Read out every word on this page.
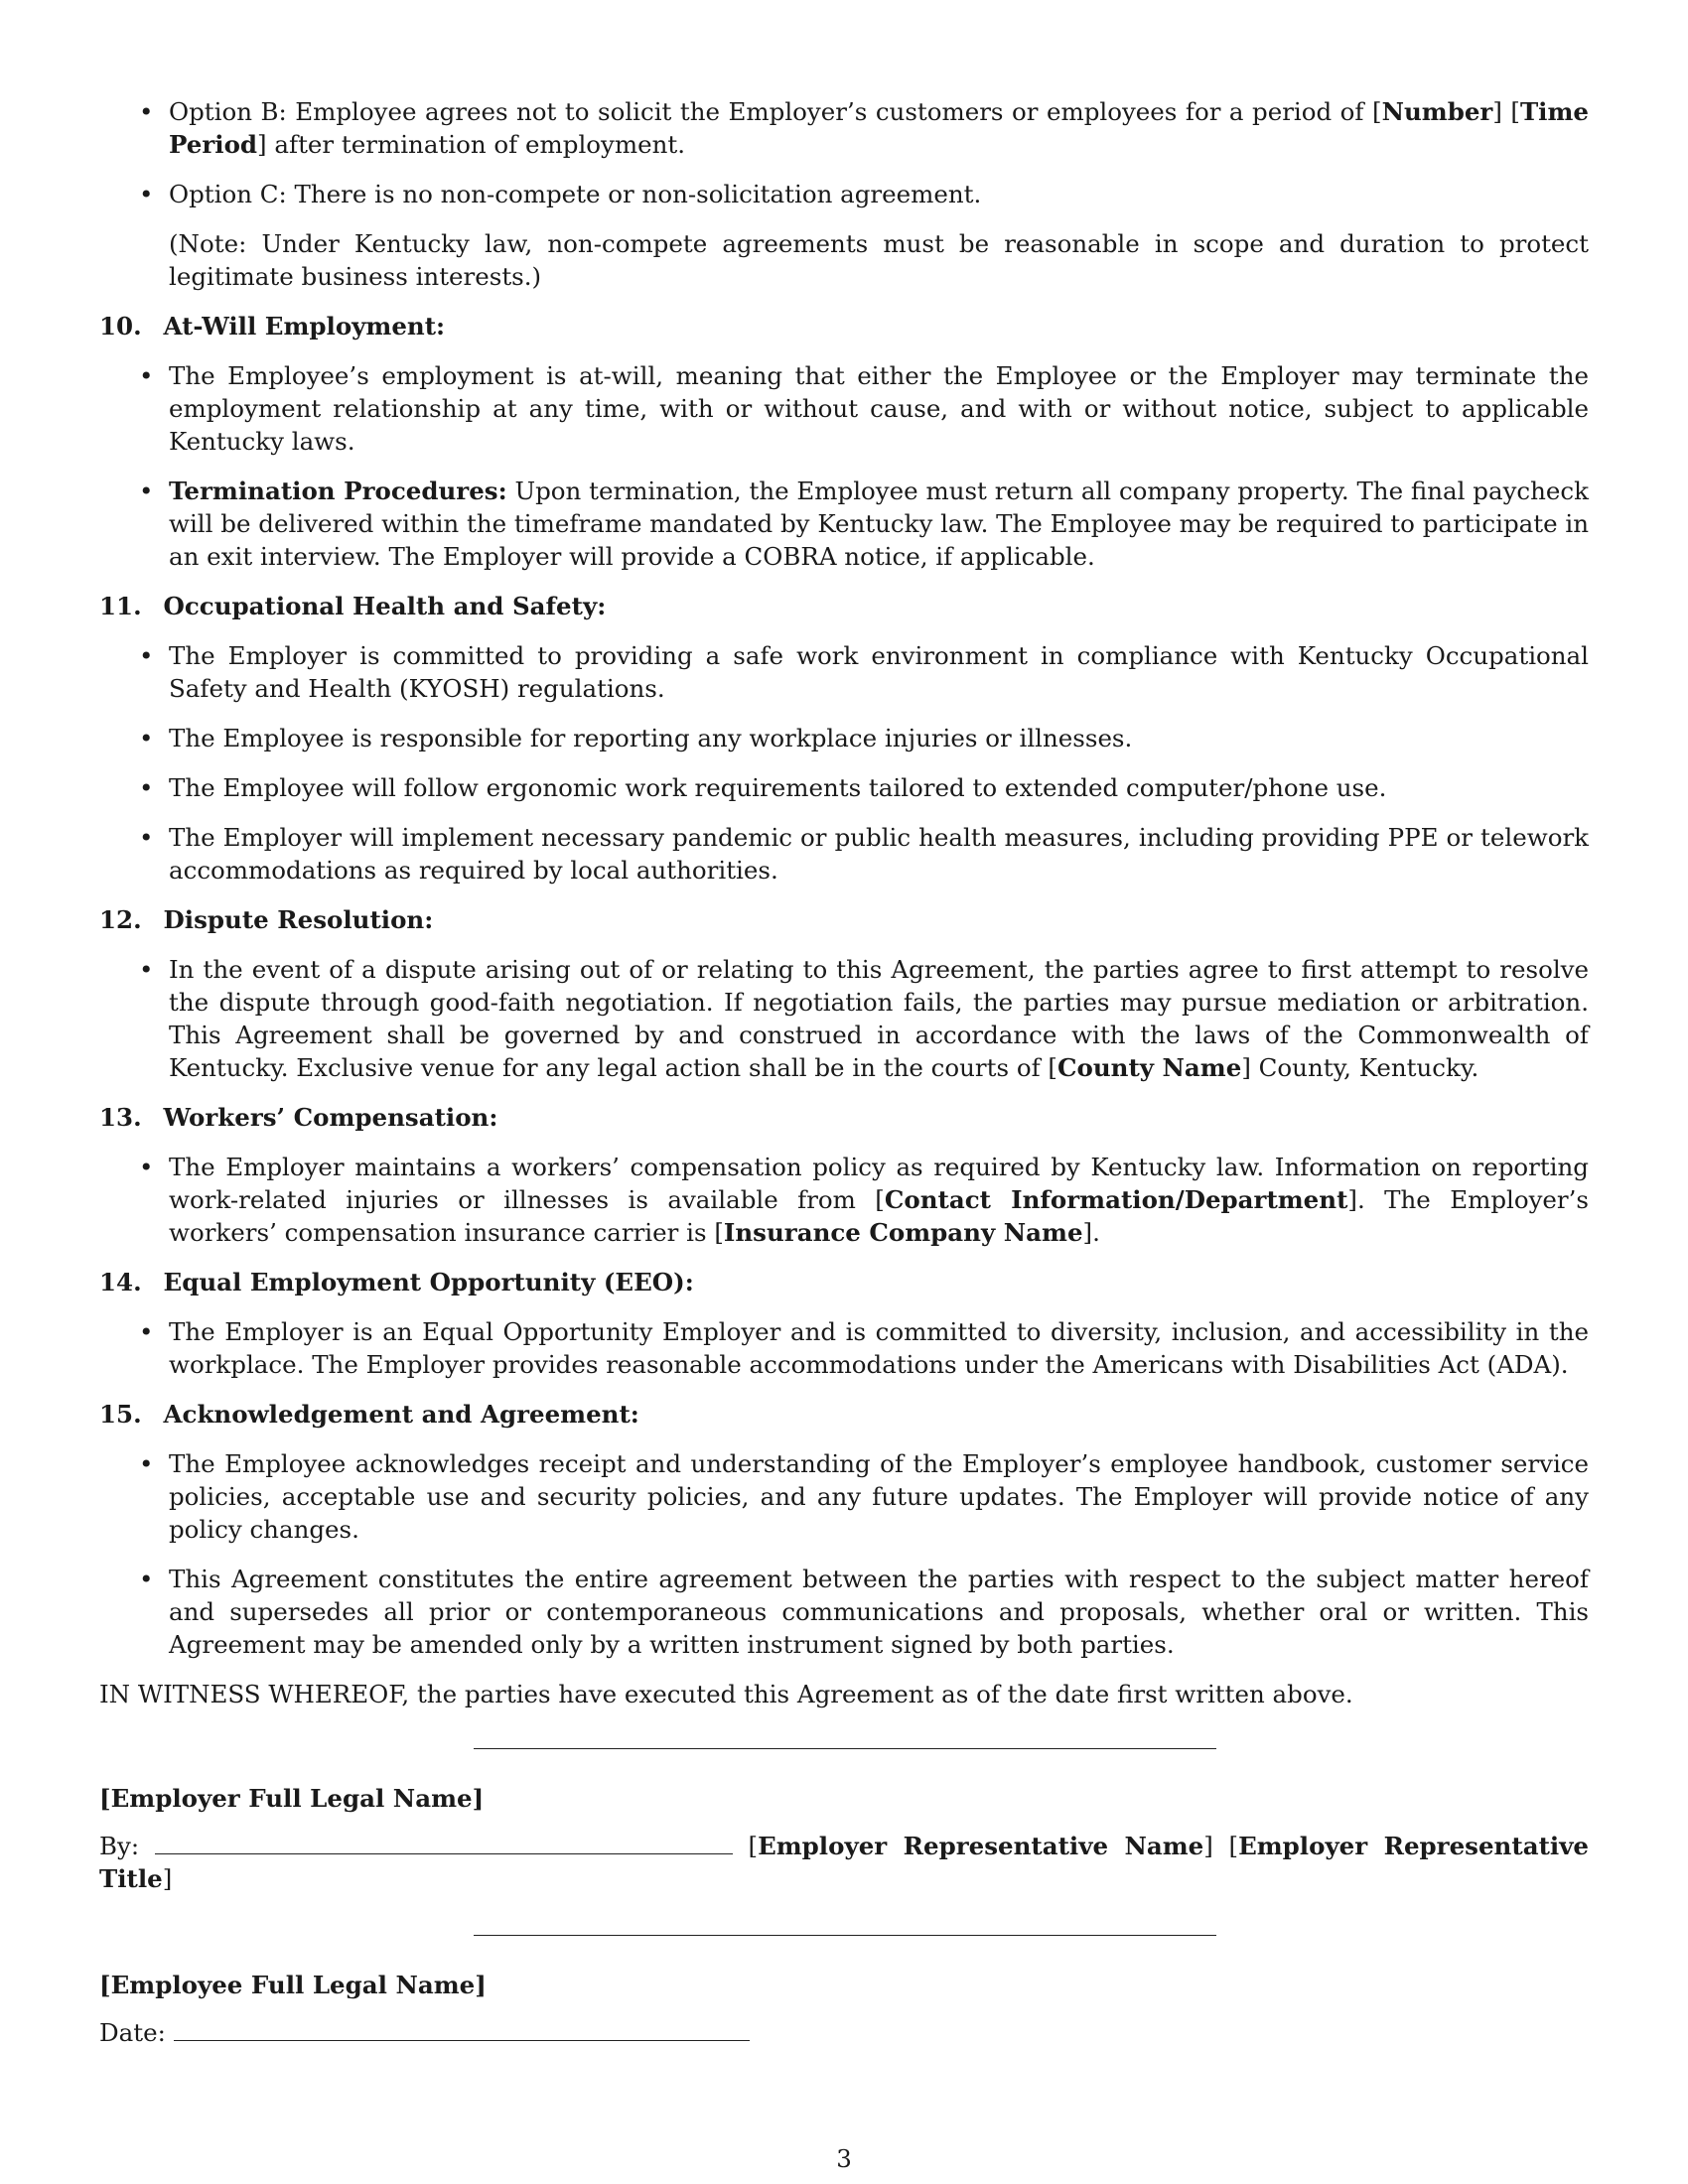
• Option B: Employee agrees not to solicit the Employer’s customers or employees for a period of [Number] [Time Period] after termination of employment.
• Option C: There is no non-compete or non-solicitation agreement.

(Note: Under Kentucky law, non-compete agreements must be reasonable in scope and duration to protect legitimate business interests.)

10. At-Will Employment:
• The Employee’s employment is at-will, meaning that either the Employee or the Employer may terminate the employment relationship at any time, with or without cause, and with or without notice, subject to applicable Kentucky laws.
• Termination Procedures: Upon termination, the Employee must return all company property. The final paycheck will be delivered within the timeframe mandated by Kentucky law. The Employee may be required to participate in an exit interview. The Employer will provide a COBRA notice, if applicable.
11. Occupational Health and Safety:
• The Employer is committed to providing a safe work environment in compliance with Kentucky Occupational Safety and Health (KYOSH) regulations.
• The Employee is responsible for reporting any workplace injuries or illnesses.
• The Employee will follow ergonomic work requirements tailored to extended computer/phone use.
• The Employer will implement necessary pandemic or public health measures, including providing PPE or telework accommodations as required by local authorities.
12. Dispute Resolution:
• In the event of a dispute arising out of or relating to this Agreement, the parties agree to first attempt to resolve the dispute through good-faith negotiation. If negotiation fails, the parties may pursue mediation or arbitration. This Agreement shall be governed by and construed in accordance with the laws of the Commonwealth of Kentucky. Exclusive venue for any legal action shall be in the courts of [County Name] County, Kentucky.
13. Workers’ Compensation:
• The Employer maintains a workers’ compensation policy as required by Kentucky law. Information on reporting work-related injuries or illnesses is available from [Contact Information/Department]. The Employer’s workers’ compensation insurance carrier is [Insurance Company Name].
14. Equal Employment Opportunity (EEO):
• The Employer is an Equal Opportunity Employer and is committed to diversity, inclusion, and accessibility in the workplace. The Employer provides reasonable accommodations under the Americans with Disabilities Act (ADA).
15. Acknowledgement and Agreement:
• The Employee acknowledges receipt and understanding of the Employer’s employee handbook, customer service policies, acceptable use and security policies, and any future updates. The Employer will provide notice of any policy changes.
• This Agreement constitutes the entire agreement between the parties with respect to the subject matter hereof and supersedes all prior or contemporaneous communications and proposals, whether oral or written. This Agreement may be amended only by a written instrument signed by both parties.

IN WITNESS WHEREOF, the parties have executed this Agreement as of the date first written above.

[Employer Full Legal Name]

By:	[Employer Representative Name] [Employer Representative Title]

[Employee Full Legal Name]

Date:

3
